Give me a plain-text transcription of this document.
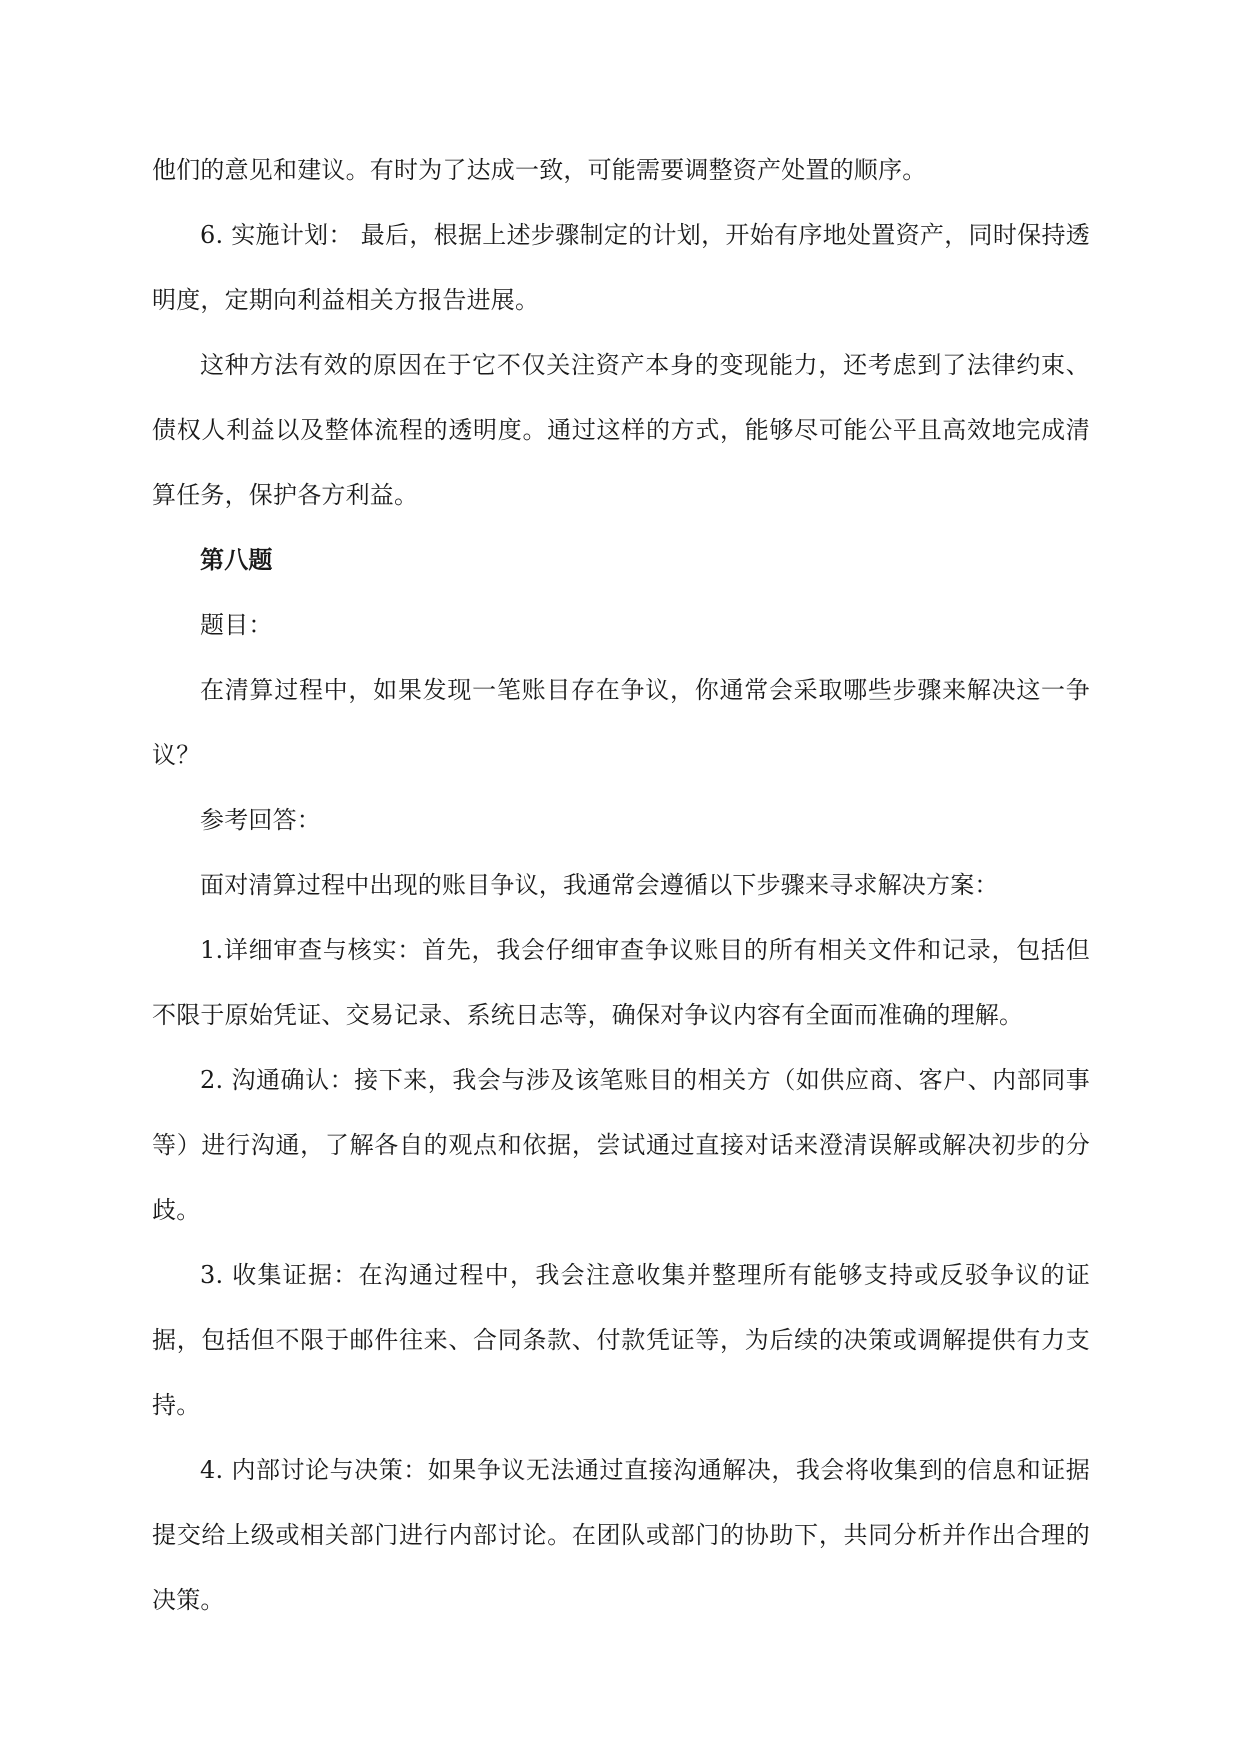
他们的意见和建议。有时为了达成一致，可能需要调整资产处置的顺序。

6. 实施计划： 最后，根据上述步骤制定的计划，开始有序地处置资产，同时保持透明度，定期向利益相关方报告进展。

这种方法有效的原因在于它不仅关注资产本身的变现能力，还考虑到了法律约束、债权人利益以及整体流程的透明度。通过这样的方式，能够尽可能公平且高效地完成清算任务，保护各方利益。

第八题

题目：

在清算过程中，如果发现一笔账目存在争议，你通常会采取哪些步骤来解决这一争议？

参考回答：

面对清算过程中出现的账目争议，我通常会遵循以下步骤来寻求解决方案：

1.详细审查与核实：首先，我会仔细审查争议账目的所有相关文件和记录，包括但不限于原始凭证、交易记录、系统日志等，确保对争议内容有全面而准确的理解。

2. 沟通确认：接下来，我会与涉及该笔账目的相关方（如供应商、客户、内部同事等）进行沟通，了解各自的观点和依据，尝试通过直接对话来澄清误解或解决初步的分歧。

3. 收集证据：在沟通过程中，我会注意收集并整理所有能够支持或反驳争议的证据，包括但不限于邮件往来、合同条款、付款凭证等，为后续的决策或调解提供有力支持。

4. 内部讨论与决策：如果争议无法通过直接沟通解决，我会将收集到的信息和证据提交给上级或相关部门进行内部讨论。在团队或部门的协助下，共同分析并作出合理的决策。
